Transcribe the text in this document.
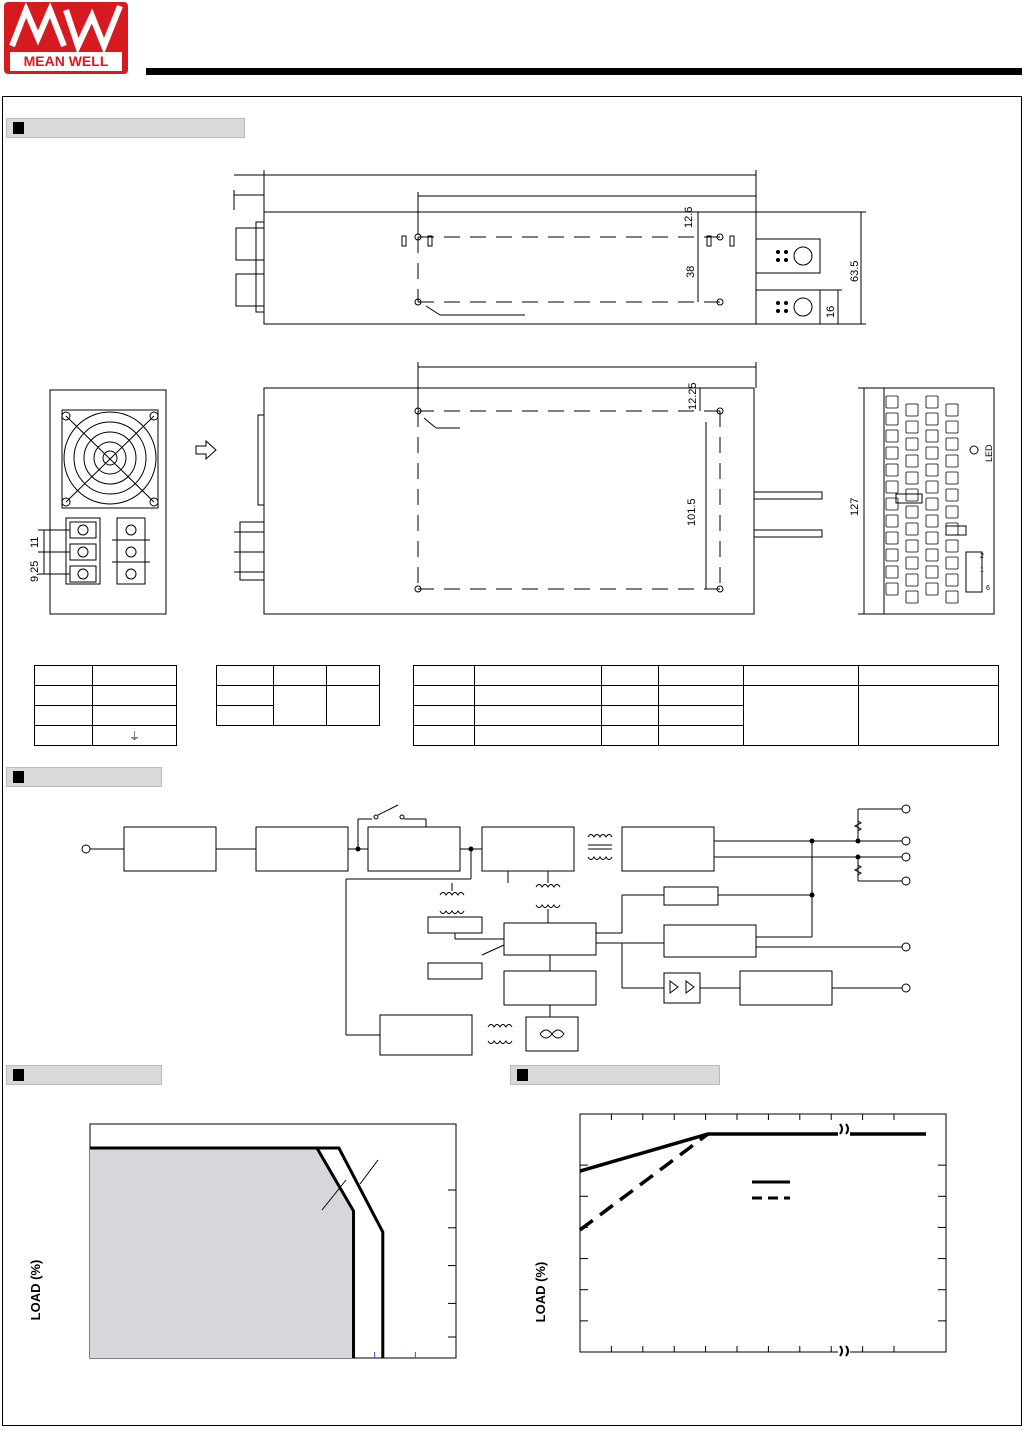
MEAN WELL
12.6
38	63.5
16
12.25
101.5	127
11
9.25
LED
2
1
6

	⏚

LOAD (%)	LOAD (%)
